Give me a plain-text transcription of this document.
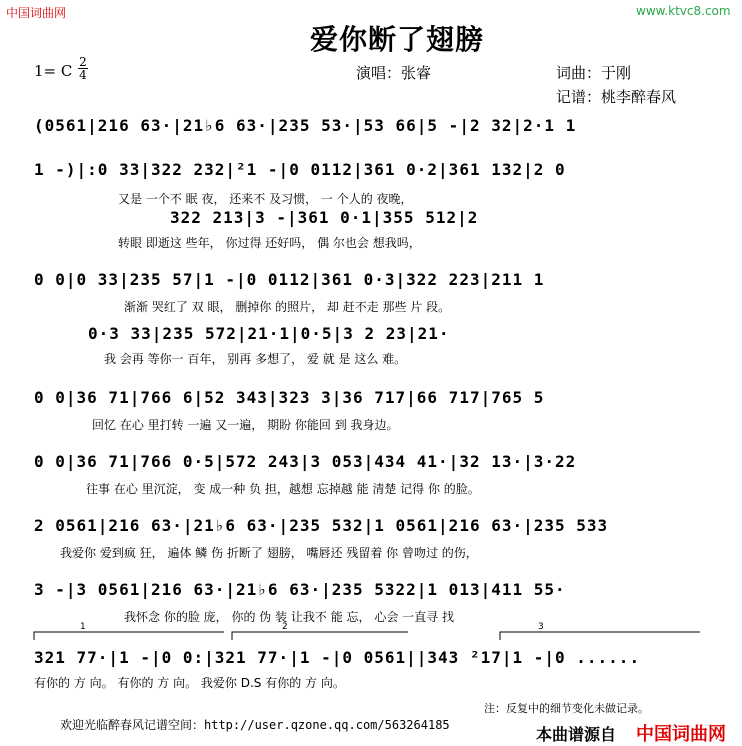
中国词曲网	www.ktvc8.com
爱你断了翅膀
1= C 2
4	演唱：张睿	词曲：于刚
记谱：桃李醉春风
(0561|216 63·|21♭6 63·|235 53·|53 66|5 -|2 32|2·1 1
1 -)|:0 33|322 232|²1 -|0 0112|361 0·2|361 132|2 0
又是 一个不 眠 夜， 还来不 及习惯， 一 个人的 夜晚，
322 213|3 -|361 0·1|355 512|2
转眼 即逝这 些年， 你过得 还好吗， 偶 尔也会 想我吗，
0 0|0 33|235 57|1 -|0 0112|361 0·3|322 223|211 1
渐渐 哭红了 双 眼， 删掉你 的照片， 却 赶不走 那些 片 段。
0·3 33|235 572|21·1|0·5|3 2 23|21·
我 会再 等你一 百年， 别再 多想了， 爱 就 是 这么 难。
0 0|36 71|766 6|52 343|323 3|36 717|66 717|765 5
回忆 在心 里打转 一遍 又一遍， 期盼 你能回 到 我身边。
0 0|36 71|766 0·5|572 243|3 053|434 41·|32 13·|3·22
往事 在心 里沉淀， 变 成一种 负 担，越想 忘掉越 能 清楚 记得 你 的脸。
2 0561|216 63·|21♭6 63·|235 532|1 0561|216 63·|235 533
我爱你 爱到疯 狂， 遍体 鳞 伤 折断了 翅膀， 嘴唇还 残留着 你 曾吻过 的伤，
3 -|3 0561|216 63·|21♭6 63·|235 5322|1 013|411 55·
我怀念 你的脸 庞， 你的 伪 装 让我不 能 忘， 心会 一直寻 找
321 77·|1 -|0 0:|321 77·|1 -|0 0561||343 ²17|1 -|0 ......
有你的 方 向。 有你的 方 向。 我爱你 D.S 有你的 方 向。
1	2	3
注：反复中的细节变化未做记录。
欢迎光临醉春风记谱空间：http://user.qzone.qq.com/563264185	本曲谱源自 中国词曲网
